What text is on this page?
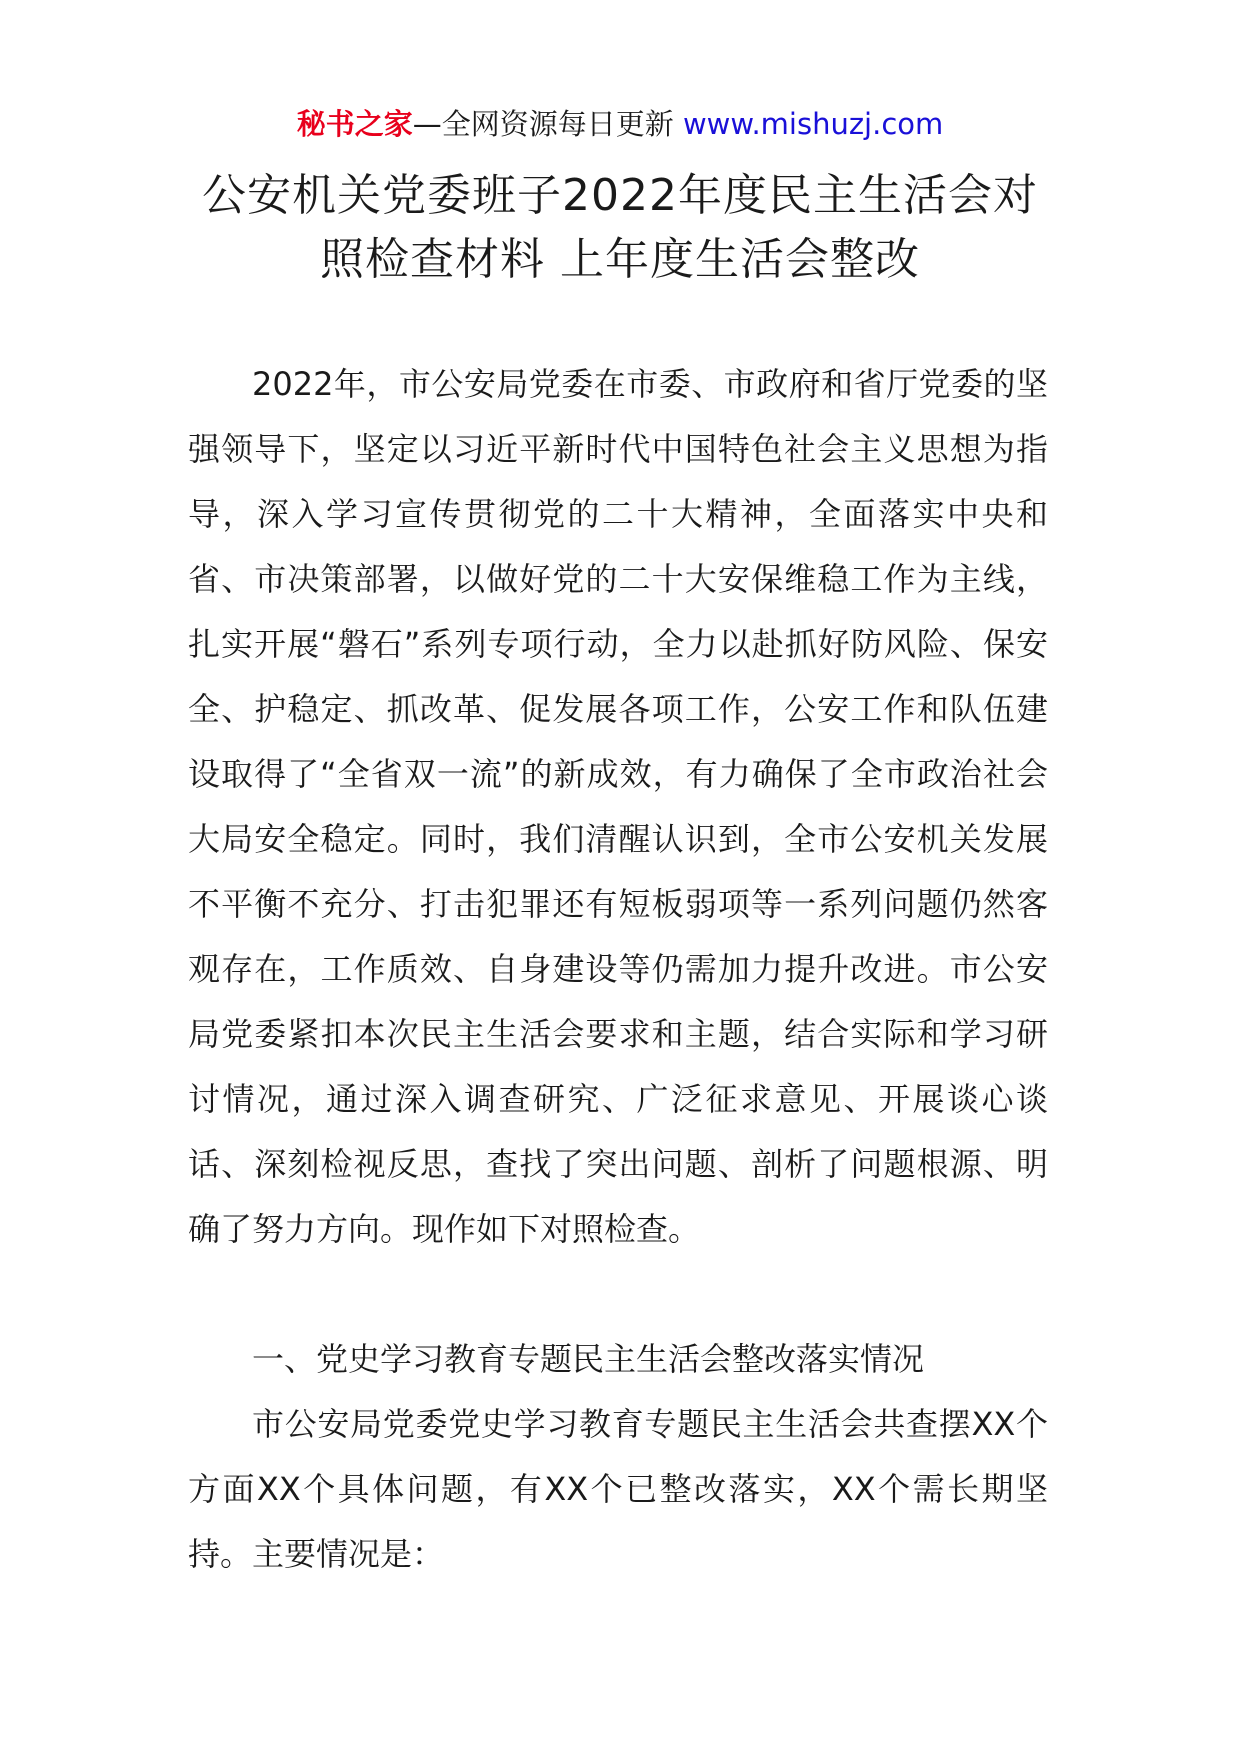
秘书之家—全网资源每日更新 www.mishuzj.com
公安机关党委班子2022年度民主生活会对
照检查材料 上年度生活会整改

2022年，市公安局党委在市委、市政府和省厅党委的坚强领导下，坚定以习近平新时代中国特色社会主义思想为指导，深入学习宣传贯彻党的二十大精神，全面落实中央和省、市决策部署，以做好党的二十大安保维稳工作为主线，扎实开展“磐石”系列专项行动，全力以赴抓好防风险、保安全、护稳定、抓改革、促发展各项工作，公安工作和队伍建设取得了“全省双一流”的新成效，有力确保了全市政治社会大局安全稳定。同时，我们清醒认识到，全市公安机关发展不平衡不充分、打击犯罪还有短板弱项等一系列问题仍然客观存在，工作质效、自身建设等仍需加力提升改进。市公安局党委紧扣本次民主生活会要求和主题，结合实际和学习研讨情况，通过深入调查研究、广泛征求意见、开展谈心谈话、深刻检视反思，查找了突出问题、剖析了问题根源、明确了努力方向。现作如下对照检查。

一、党史学习教育专题民主生活会整改落实情况

市公安局党委党史学习教育专题民主生活会共查摆XX个方面XX个具体问题，有XX个已整改落实，XX个需长期坚持。主要情况是：
